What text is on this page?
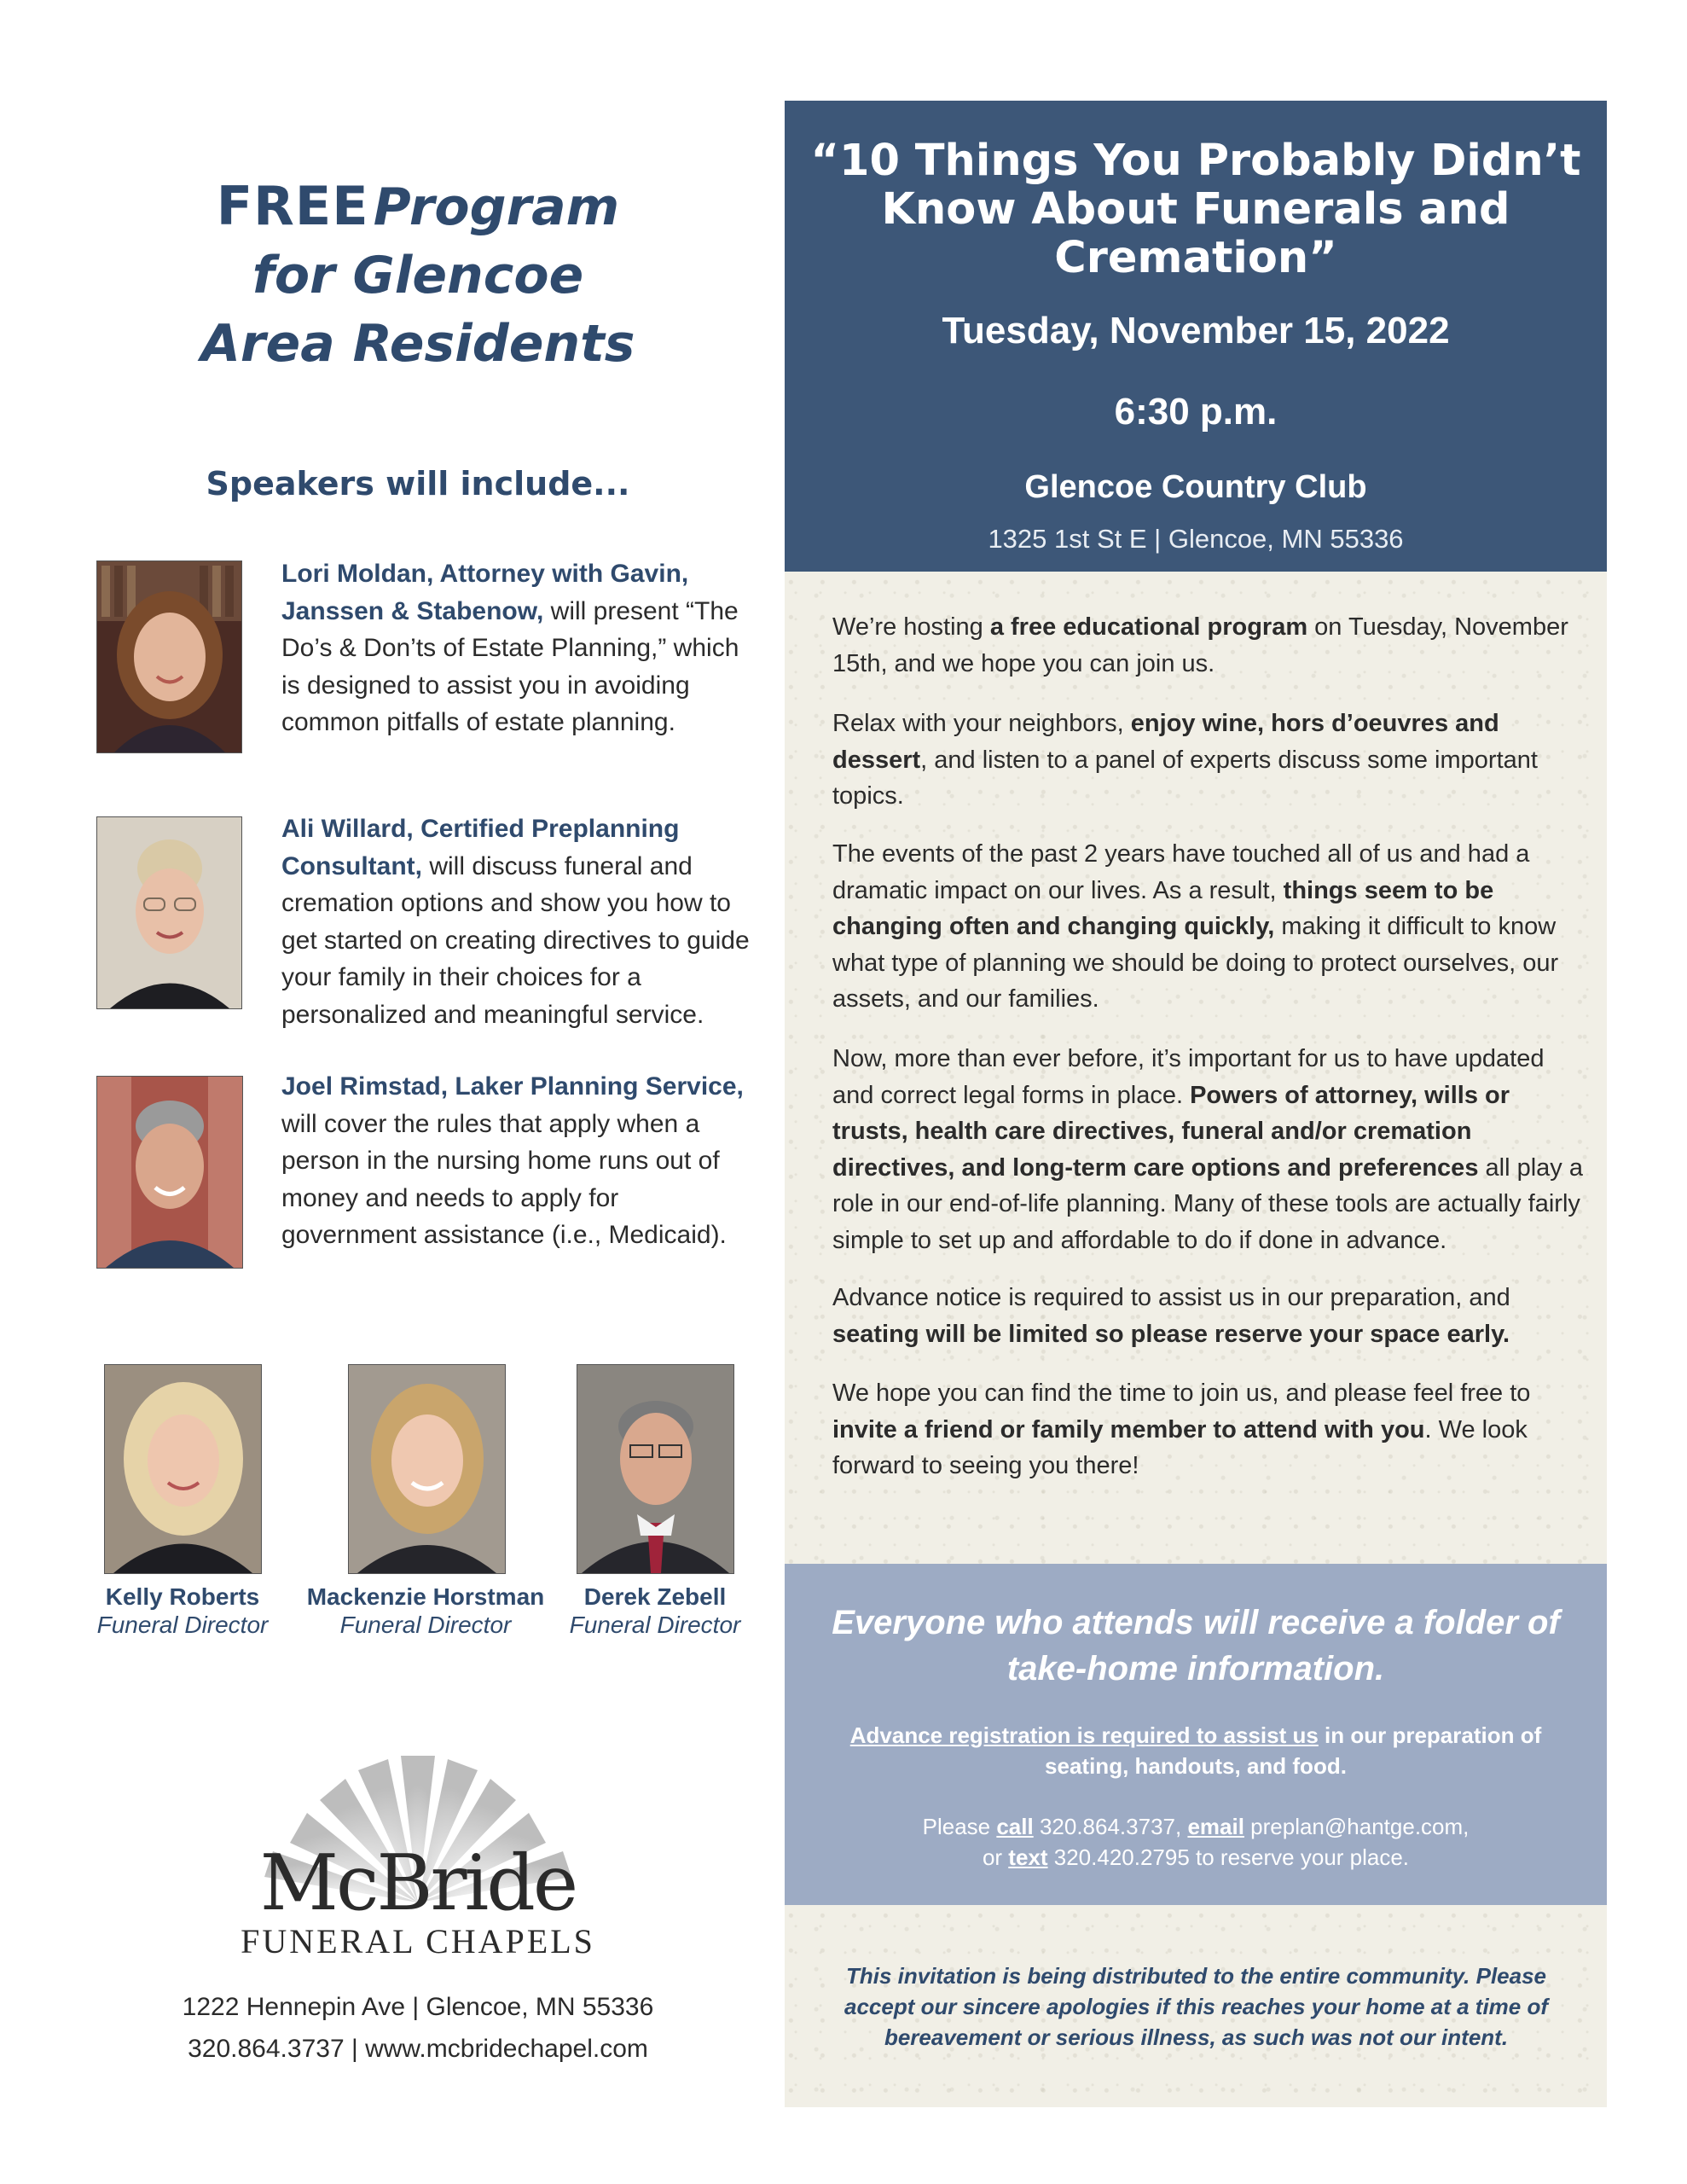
FREE Program
for Glencoe
Area Residents
Speakers will include...
Lori Moldan, Attorney with Gavin, Janssen & Stabenow, will present “The Do’s & Don’ts of Estate Planning,” which is designed to assist you in avoiding common pitfalls of estate planning.
Ali Willard, Certified Preplanning Consultant, will discuss funeral and cremation options and show you how to get started on creating directives to guide your family in their choices for a personalized and meaningful service.
Joel Rimstad, Laker Planning Service, will cover the rules that apply when a person in the nursing home runs out of money and needs to apply for government assistance (i.e., Medicaid).
Kelly Roberts
Funeral Director
Mackenzie Horstman
Funeral Director
Derek Zebell
Funeral Director
McBride
FUNERAL CHAPELS
1222 Hennepin Ave | Glencoe, MN 55336
320.864.3737 | www.mcbridechapel.com
“10 Things You Probably Didn’t Know About Funerals and Cremation”
Tuesday, November 15, 2022
6:30 p.m.
Glencoe Country Club
1325 1st St E | Glencoe, MN 55336
We’re hosting a free educational program on Tuesday, November 15th, and we hope you can join us.
Relax with your neighbors, enjoy wine, hors d’oeuvres and dessert, and listen to a panel of experts discuss some important topics.
The events of the past 2 years have touched all of us and had a dramatic impact on our lives. As a result, things seem to be changing often and changing quickly, making it difficult to know what type of planning we should be doing to protect ourselves, our assets, and our families.
Now, more than ever before, it’s important for us to have updated and correct legal forms in place. Powers of attorney, wills or trusts, health care directives, funeral and/or cremation directives, and long-term care options and preferences all play a role in our end-of-life planning. Many of these tools are actually fairly simple to set up and affordable to do if done in advance.
Advance notice is required to assist us in our preparation, and seating will be limited so please reserve your space early.
We hope you can find the time to join us, and please feel free to invite a friend or family member to attend with you. We look forward to seeing you there!
Everyone who attends will receive a folder of take-home information.
Advance registration is required to assist us in our preparation of seating, handouts, and food.
Please call 320.864.3737, email preplan@hantge.com,
or text 320.420.2795 to reserve your place.
This invitation is being distributed to the entire community. Please accept our sincere apologies if this reaches your home at a time of bereavement or serious illness, as such was not our intent.
